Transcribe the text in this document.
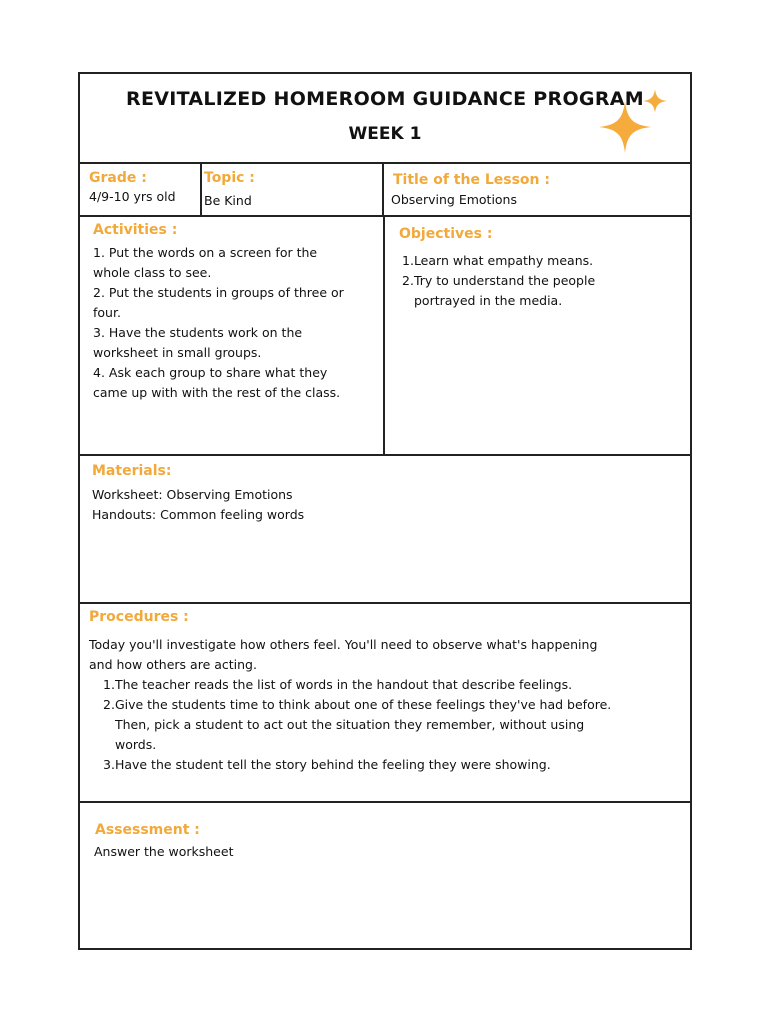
REVITALIZED HOMEROOM GUIDANCE PROGRAM
WEEK 1
Grade :
4/9-10 yrs old
Topic :
Be Kind
Title of the Lesson :
Observing Emotions
Activities :
1. Put the words on a screen for the
whole class to see.
2. Put the students in groups of three or
four.
3. Have the students work on the
worksheet in small groups.
4. Ask each group to share what they
came up with with the rest of the class.
Objectives :
1.Learn what empathy means.
2.Try to understand the people
portrayed in the media.
Materials:
Worksheet: Observing Emotions
Handouts: Common feeling words
Procedures :
Today you'll investigate how others feel. You'll need to observe what's happening
and how others are acting.
1.The teacher reads the list of words in the handout that describe feelings.
2.Give the students time to think about one of these feelings they've had before.
Then, pick a student to act out the situation they remember, without using
words.
3.Have the student tell the story behind the feeling they were showing.
Assessment :
Answer the worksheet
